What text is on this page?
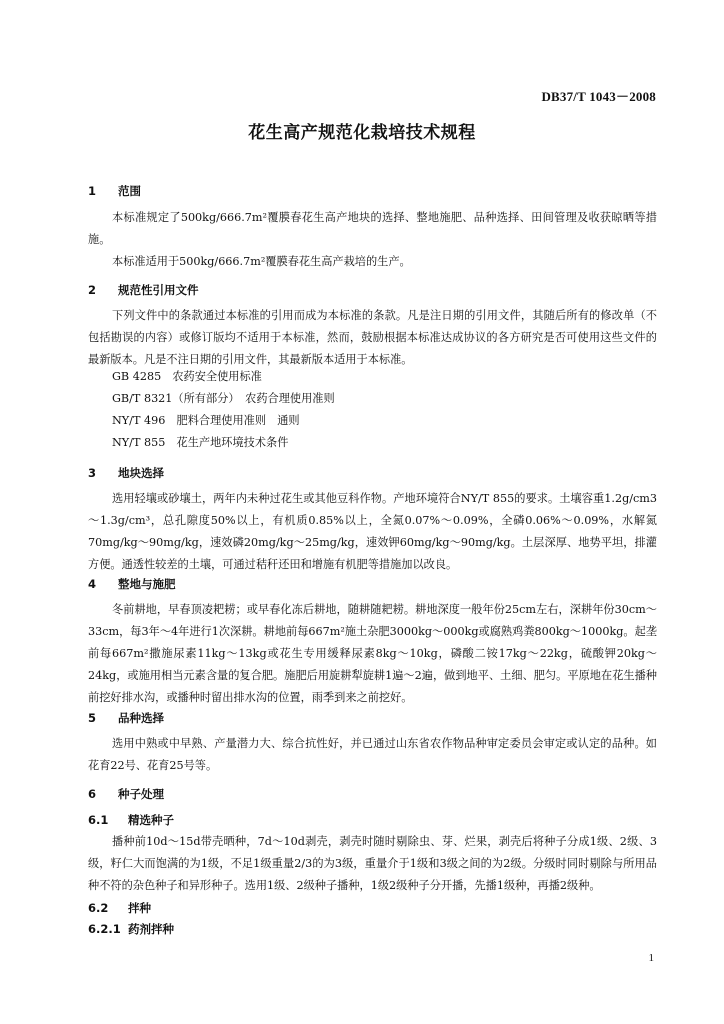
DB37/T 1043－2008
花生高产规范化栽培技术规程
1 范围

本标准规定了500kg/666.7m²覆膜春花生高产地块的选择、整地施肥、品种选择、田间管理及收获晾晒等措施。

本标准适用于500kg/666.7m²覆膜春花生高产栽培的生产。

2 规范性引用文件

下列文件中的条款通过本标准的引用而成为本标准的条款。凡是注日期的引用文件，其随后所有的修改单（不包括勘误的内容）或修订版均不适用于本标准，然而，鼓励根据本标准达成协议的各方研究是否可使用这些文件的最新版本。凡是不注日期的引用文件，其最新版本适用于本标准。

GB 4285　农药安全使用标准
GB/T 8321（所有部分）　农药合理使用准则
NY/T 496　肥料合理使用准则　通则
NY/T 855　花生产地环境技术条件
3 地块选择

选用轻壤或砂壤土，两年内未种过花生或其他豆科作物。产地环境符合NY/T 855的要求。土壤容重1.2g/cm3～1.3g/cm³，总孔隙度50%以上，有机质0.85%以上，全氮0.07%～0.09%，全磷0.06%～0.09%，水解氮70mg/kg～90mg/kg，速效磷20mg/kg～25mg/kg，速效钾60mg/kg～90mg/kg。土层深厚、地势平坦，排灌方便。通透性较差的土壤，可通过秸秆还田和增施有机肥等措施加以改良。

4 整地与施肥

冬前耕地，早春顶凌耙耢；或早春化冻后耕地，随耕随耙耢。耕地深度一般年份25cm左右，深耕年份30cm～33cm，每3年～4年进行1次深耕。耕地前每667m²施土杂肥3000kg～000kg或腐熟鸡粪800kg～1000kg。起垄前每667m²撒施尿素11kg～13kg或花生专用缓释尿素8kg～10kg，磷酸二铵17kg～22kg，硫酸钾20kg～24kg，或施用相当元素含量的复合肥。施肥后用旋耕犁旋耕1遍～2遍，做到地平、土细、肥匀。平原地在花生播种前挖好排水沟，或播种时留出排水沟的位置，雨季到来之前挖好。

5 品种选择

选用中熟或中早熟、产量潜力大、综合抗性好，并已通过山东省农作物品种审定委员会审定或认定的品种。如花育22号、花育25号等。

6 种子处理
6.1 精选种子

播种前10d～15d带壳晒种，7d～10d剥壳，剥壳时随时剔除虫、芽、烂果，剥壳后将种子分成1级、2级、3级，籽仁大而饱满的为1级，不足1级重量2/3的为3级，重量介于1级和3级之间的为2级。分级时同时剔除与所用品种不符的杂色种子和异形种子。选用1级、2级种子播种，1级2级种子分开播，先播1级种，再播2级种。

6.2 拌种
6.2.1 药剂拌种
1
